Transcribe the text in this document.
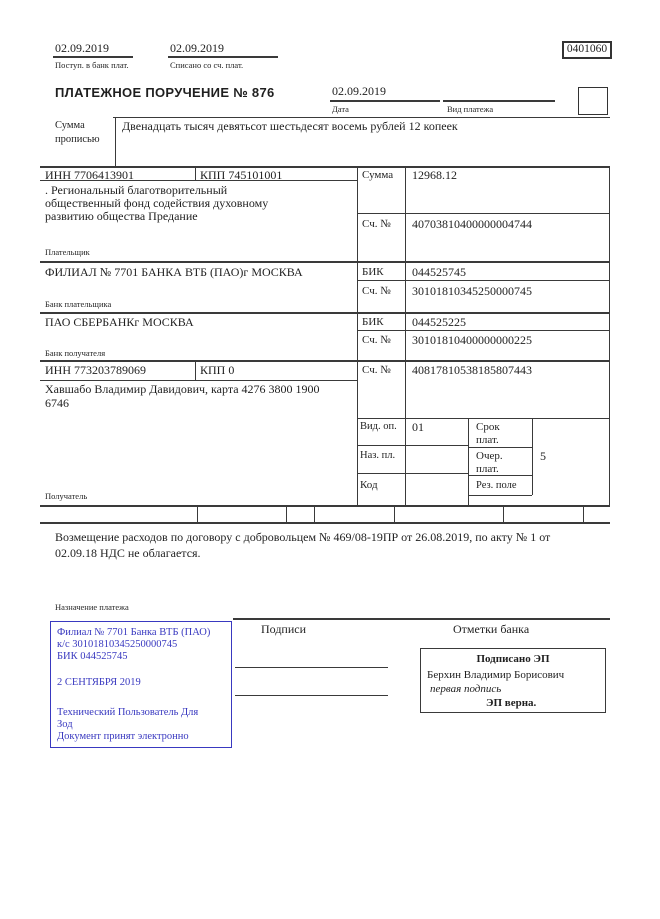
02.09.2019
Поступ. в банк плат.
02.09.2019
Списано со сч. плат.
0401060
ПЛАТЕЖНОЕ ПОРУЧЕНИЕ № 876	02.09.2019
Дата	Вид платежа
Сумма прописью
Двенадцать тысяч девятьсот шестьдесят восемь рублей 12 копеек
ИНН 7706413901	КПП 745101001	Сумма 12968.12
. Региональный благотворительный общественный фонд содействия духовному развитию общества Предание
Сч. № 40703810400000004744
Плательщик
ФИЛИАЛ № 7701 БАНКА ВТБ (ПАО)г МОСКВА	БИК 044525745
Сч. № 30101810345250000745
Банк плательщика
ПАО СБЕРБАНКг МОСКВА	БИК 044525225
Сч. № 30101810400000000225
Банк получателя
ИНН 773203789069	КПП 0	Сч. № 40817810538185807443
Хавшабо Владимир Давидович, карта 4276 3800 1900 6746
Вид. оп. 01	Срок плат.
Наз. пл.	Очер. плат.
5
Код	Рез. поле
Получатель
Возмещение расходов по договору с добровольцем № 469/08-19ПР от 26.08.2019, по акту № 1 от
02.09.18 НДС не облагается.
Назначение платежа
Подписи	Отметки банка
Филиал № 7701 Банка ВТБ (ПАО)
к/с 30101810345250000745
БИК 044525745
2 СЕНТЯБРЯ 2019
Технический Пользователь Для
Зод
Документ принят электронно
Подписано ЭП
Берхин Владимир Борисович
первая подпись
ЭП верна.
